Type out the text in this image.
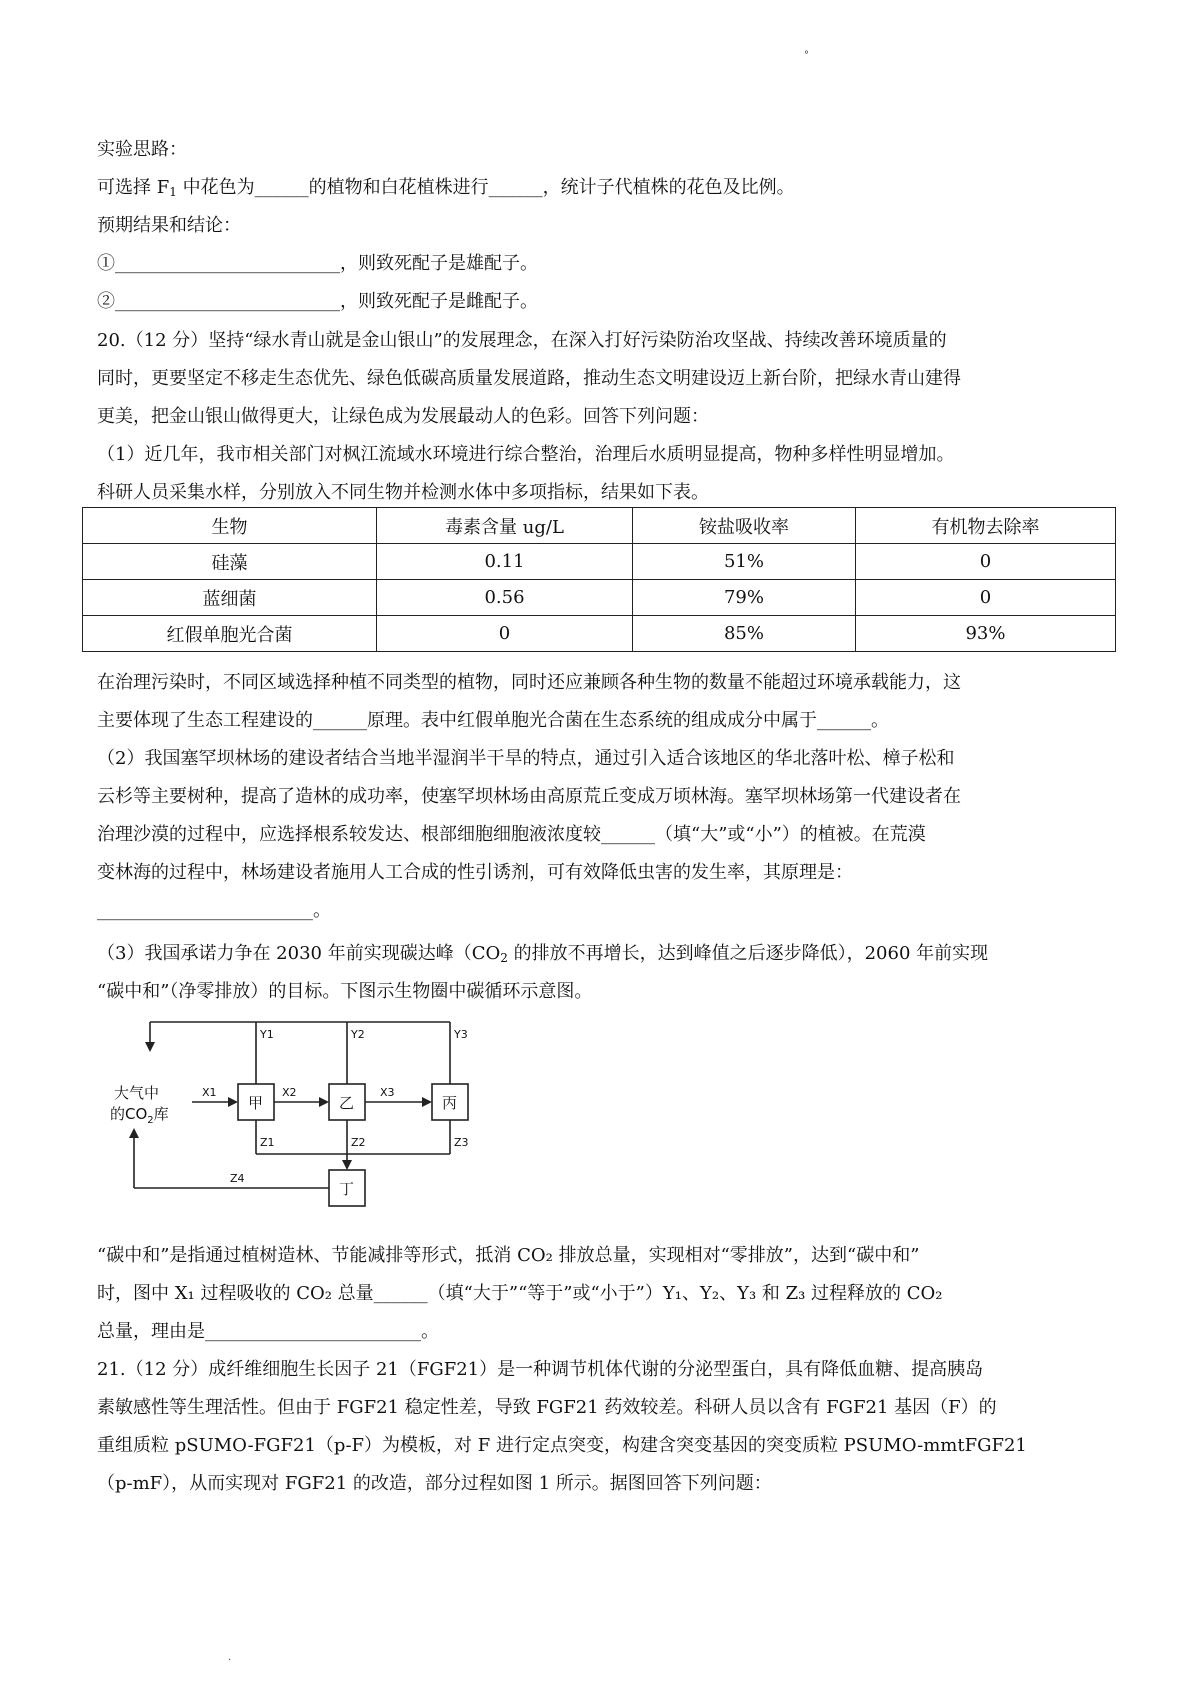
°
实验思路：
可选择 $F_1$ 中花色为______的植物和白花植株进行______，统计子代植株的花色及比例。
预期结果和结论：
①_________________________，则致死配子是雄配子。
②_________________________，则致死配子是雌配子。
20.（12 分）坚持“绿水青山就是金山银山”的发展理念，在深入打好污染防治攻坚战、持续改善环境质量的
同时，更要坚定不移走生态优先、绿色低碳高质量发展道路，推动生态文明建设迈上新台阶，把绿水青山建得
更美，把金山银山做得更大，让绿色成为发展最动人的色彩。回答下列问题：
（1）近几年，我市相关部门对枫江流域水环境进行综合整治，治理后水质明显提高，物种多样性明显增加。
科研人员采集水样，分别放入不同生物并检测水体中多项指标，结果如下表。
生物	毒素含量 ug/L	铵盐吸收率	有机物去除率
硅藻	0.11	51%	0
蓝细菌	0.56	79%	0
红假单胞光合菌	0	85%	93%
在治理污染时，不同区域选择种植不同类型的植物，同时还应兼顾各种生物的数量不能超过环境承载能力，这
主要体现了生态工程建设的______原理。表中红假单胞光合菌在生态系统的组成成分中属于______。
（2）我国塞罕坝林场的建设者结合当地半湿润半干旱的特点，通过引入适合该地区的华北落叶松、樟子松和
云杉等主要树种，提高了造林的成功率，使塞罕坝林场由高原荒丘变成万顷林海。塞罕坝林场第一代建设者在
治理沙漠的过程中，应选择根系较发达、根部细胞细胞液浓度较______（填“大”或“小”）的植被。在荒漠
变林海的过程中，林场建设者施用人工合成的性引诱剂，可有效降低虫害的发生率，其原理是：
________________________。
（3）我国承诺力争在 2030 年前实现碳达峰（$CO_2$ 的排放不再增长，达到峰值之后逐步降低），2060 年前实现
“碳中和”（净零排放）的目标。下图示生物圈中碳循环示意图。
大气中
的$CO_2$库
甲	乙	丙
丁
X1	X2	X3
Y1	Y2	Y3
Z1	Z2	Z3
Z4
“碳中和”是指通过植树造林、节能减排等形式，抵消 CO₂ 排放总量，实现相对“零排放”，达到“碳中和”
时，图中 X₁ 过程吸收的 CO₂ 总量______（填“大于”“等于”或“小于”）Y₁、Y₂、Y₃ 和 Z₃ 过程释放的 CO₂
总量，理由是________________________。
21.（12 分）成纤维细胞生长因子 21（FGF21）是一种调节机体代谢的分泌型蛋白，具有降低血糖、提高胰岛
素敏感性等生理活性。但由于 FGF21 稳定性差，导致 FGF21 药效较差。科研人员以含有 FGF21 基因（F）的
重组质粒 pSUMO-FGF21（p-F）为模板，对 F 进行定点突变，构建含突变基因的突变质粒 PSUMO-mmtFGF21
（p-mF），从而实现对 FGF21 的改造，部分过程如图 1 所示。据图回答下列问题：
.
